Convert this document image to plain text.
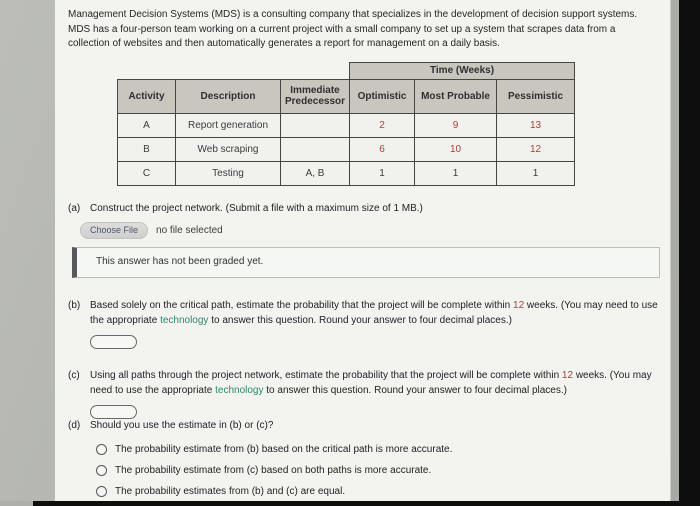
Management Decision Systems (MDS) is a consulting company that specializes in the development of decision support systems.
MDS has a four-person team working on a current project with a small company to set up a system that scrapes data from a
collection of websites and then automatically generates a report for management on a daily basis.
			Time (Weeks)		
Activity	Description	Immediate Predecessor	Optimistic	Most Probable	Pessimistic
A	Report generation		2	9	13
B	Web scraping		6	10	12
C	Testing	A, B	1	1	1
(a) Construct the project network. (Submit a file with a maximum size of 1 MB.)
Choose File	no file selected
This answer has not been graded yet.
(b) Based solely on the critical path, estimate the probability that the project will be complete within 12 weeks. (You may need to use the appropriate technology to answer this question. Round your answer to four decimal places.)
(c)	Using all paths through the project network, estimate the probability that the project will be complete within 12 weeks. (You may need to use the appropriate technology to answer this question. Round your answer to four decimal places.)
(d) Should you use the estimate in (b) or (c)?
The probability estimate from (b) based on the critical path is more accurate.
The probability estimate from (c) based on both paths is more accurate.
The probability estimates from (b) and (c) are equal.
